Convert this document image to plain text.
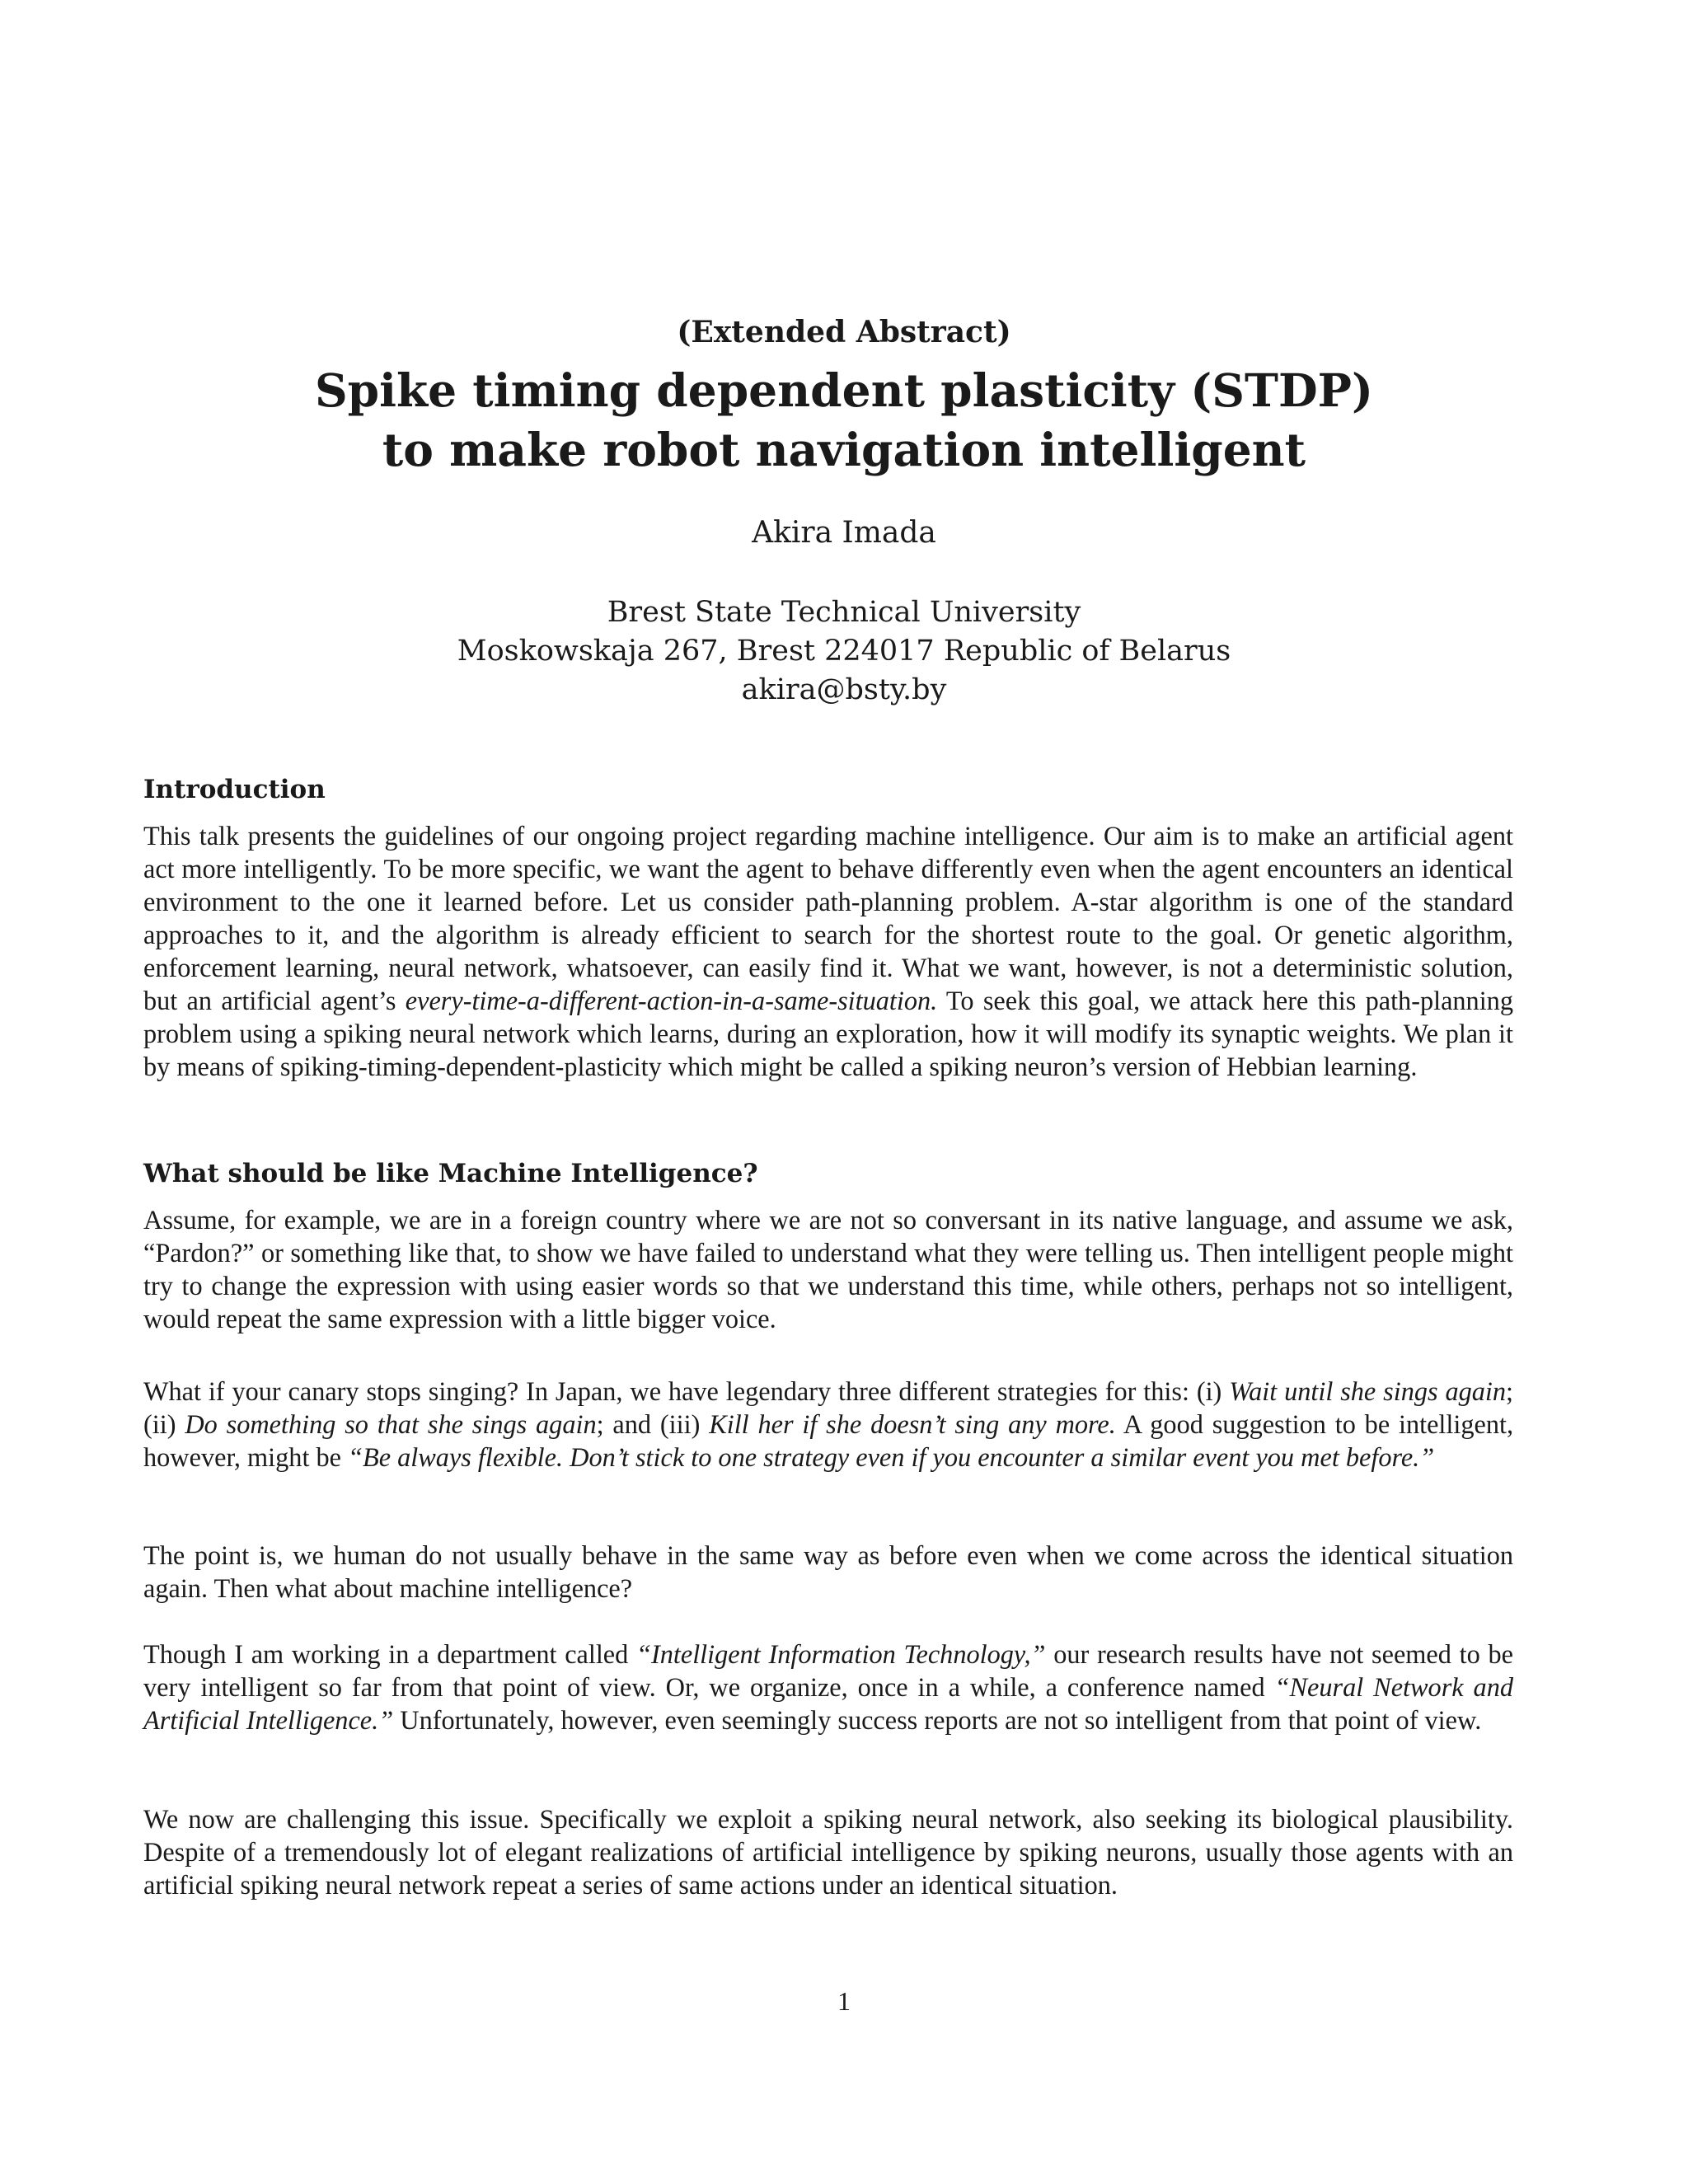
(Extended Abstract)
Spike timing dependent plasticity (STDP)
to make robot navigation intelligent
Akira Imada
Brest State Technical University
Moskowskaja 267, Brest 224017 Republic of Belarus
akira@bsty.by
Introduction

This talk presents the guidelines of our ongoing project regarding machine intelligence. Our aim is to make an artificial agent act more intelligently. To be more specific, we want the agent to behave differently even when the agent encounters an identical environment to the one it learned before. Let us consider path-planning problem. A-star algorithm is one of the standard approaches to it, and the algorithm is already efficient to search for the shortest route to the goal. Or genetic algorithm, enforcement learning, neural network, whatsoever, can easily find it. What we want, however, is not a deterministic solution, but an artificial agent’s every-time-a-different-action-in-a-same-situation. To seek this goal, we attack here this path-planning problem using a spiking neural network which learns, during an exploration, how it will modify its synaptic weights. We plan it by means of spiking-timing-dependent-plasticity which might be called a spiking neuron’s version of Hebbian learning.

What should be like Machine Intelligence?

Assume, for example, we are in a foreign country where we are not so conversant in its native language, and assume we ask, “Pardon?” or something like that, to show we have failed to understand what they were telling us. Then intelligent people might try to change the expression with using easier words so that we understand this time, while others, perhaps not so intelligent, would repeat the same expression with a little bigger voice.

What if your canary stops singing? In Japan, we have legendary three different strategies for this: (i) Wait until she sings again; (ii) Do something so that she sings again; and (iii) Kill her if she doesn’t sing any more. A good suggestion to be intelligent, however, might be “Be always flexible. Don’t stick to one strategy even if you encounter a similar event you met before.”

The point is, we human do not usually behave in the same way as before even when we come across the identical situation again. Then what about machine intelligence?

Though I am working in a department called “Intelligent Information Technology,” our research results have not seemed to be very intelligent so far from that point of view. Or, we organize, once in a while, a conference named “Neural Network and Artificial Intelligence.” Unfortunately, however, even seemingly success reports are not so intelligent from that point of view.

We now are challenging this issue. Specifically we exploit a spiking neural network, also seeking its biological plausibility. Despite of a tremendously lot of elegant realizations of artificial intelligence by spiking neurons, usually those agents with an artificial spiking neural network repeat a series of same actions under an identical situation.

1
